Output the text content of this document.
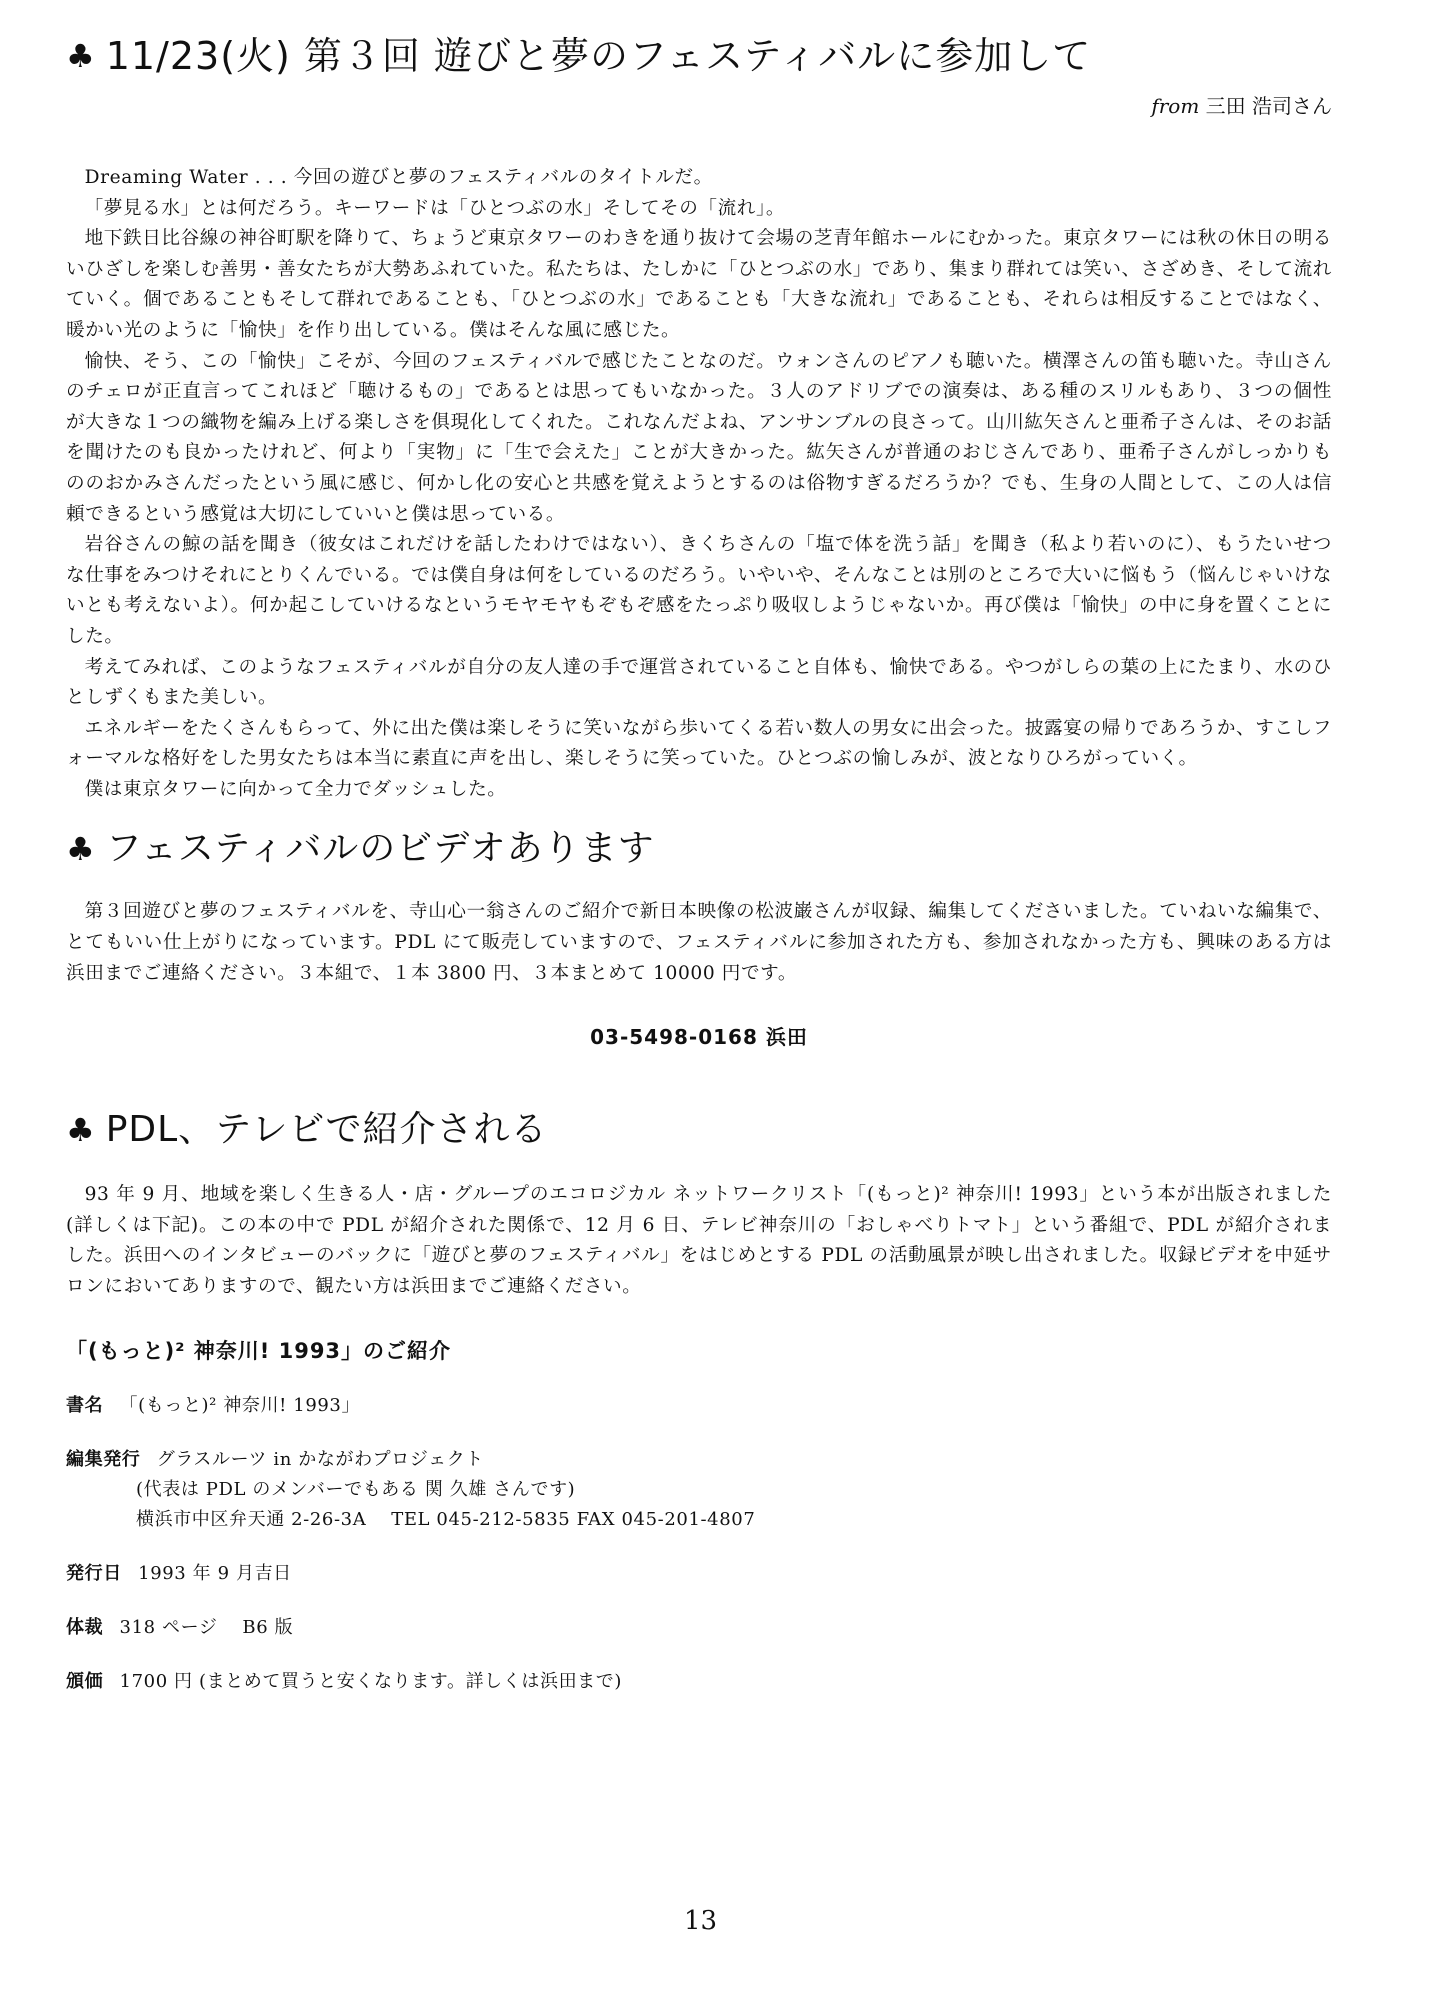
♣ 11/23(火) 第３回 遊びと夢のフェスティバルに参加して
from 三田 浩司さん

Dreaming Water . . . 今回の遊びと夢のフェスティバルのタイトルだ。

「夢見る水」とは何だろう。キーワードは「ひとつぶの水」そしてその「流れ」。

地下鉄日比谷線の神谷町駅を降りて、ちょうど東京タワーのわきを通り抜けて会場の芝青年館ホールにむかった。東京タワーには秋の休日の明るいひざしを楽しむ善男・善女たちが大勢あふれていた。私たちは、たしかに「ひとつぶの水」であり、集まり群れては笑い、さざめき、そして流れていく。個であることもそして群れであることも、「ひとつぶの水」であることも「大きな流れ」であることも、それらは相反することではなく、暖かい光のように「愉快」を作り出している。僕はそんな風に感じた。

愉快、そう、この「愉快」こそが、今回のフェスティバルで感じたことなのだ。ウォンさんのピアノも聴いた。横澤さんの笛も聴いた。寺山さんのチェロが正直言ってこれほど「聴けるもの」であるとは思ってもいなかった。３人のアドリブでの演奏は、ある種のスリルもあり、３つの個性が大きな１つの織物を編み上げる楽しさを俱現化してくれた。これなんだよね、アンサンブルの良さって。山川紘矢さんと亜希子さんは、そのお話を聞けたのも良かったけれど、何より「実物」に「生で会えた」ことが大きかった。紘矢さんが普通のおじさんであり、亜希子さんがしっかりもののおかみさんだったという風に感じ、何かし化の安心と共感を覚えようとするのは俗物すぎるだろうか？でも、生身の人間として、この人は信頼できるという感覚は大切にしていいと僕は思っている。

岩谷さんの鯨の話を聞き（彼女はこれだけを話したわけではない）、きくちさんの「塩で体を洗う話」を聞き（私より若いのに）、もうたいせつな仕事をみつけそれにとりくんでいる。では僕自身は何をしているのだろう。いやいや、そんなことは別のところで大いに悩もう（悩んじゃいけないとも考えないよ）。何か起こしていけるなというモヤモヤもぞもぞ感をたっぷり吸収しようじゃないか。再び僕は「愉快」の中に身を置くことにした。

考えてみれば、このようなフェスティバルが自分の友人達の手で運営されていること自体も、愉快である。やつがしらの葉の上にたまり、水のひとしずくもまた美しい。

エネルギーをたくさんもらって、外に出た僕は楽しそうに笑いながら歩いてくる若い数人の男女に出会った。披露宴の帰りであろうか、すこしフォーマルな格好をした男女たちは本当に素直に声を出し、楽しそうに笑っていた。ひとつぶの愉しみが、波となりひろがっていく。

僕は東京タワーに向かって全力でダッシュした。

♣ フェスティバルのビデオあります

第３回遊びと夢のフェスティバルを、寺山心一翁さんのご紹介で新日本映像の松波巌さんが収録、編集してくださいました。ていねいな編集で、とてもいい仕上がりになっています。PDL にて販売していますので、フェスティバルに参加された方も、参加されなかった方も、興味のある方は浜田までご連絡ください。３本組で、１本 3800 円、３本まとめて 10000 円です。

03-5498-0168 浜田
♣ PDL、テレビで紹介される

93 年 9 月、地域を楽しく生きる人・店・グループのエコロジカル ネットワークリスト「(もっと)² 神奈川! 1993」という本が出版されました (詳しくは下記)。この本の中で PDL が紹介された関係で、12 月 6 日、テレビ神奈川の「おしゃべりトマト」という番組で、PDL が紹介されました。浜田へのインタビューのバックに「遊びと夢のフェスティバル」をはじめとする PDL の活動風景が映し出されました。収録ビデオを中延サロンにおいてありますので、観たい方は浜田までご連絡ください。

「(もっと)² 神奈川! 1993」のご紹介
書名 「(もっと)² 神奈川! 1993」
編集発行 グラスルーツ in かながわプロジェクト
(代表は PDL のメンバーでもある 関 久雄 さんです)
横浜市中区弁天通 2-26-3A　 TEL 045-212-5835 FAX 045-201-4807
発行日 1993 年 9 月吉日
体裁 318 ページ　 B6 版
頒価 1700 円 (まとめて買うと安くなります。詳しくは浜田まで)
13
